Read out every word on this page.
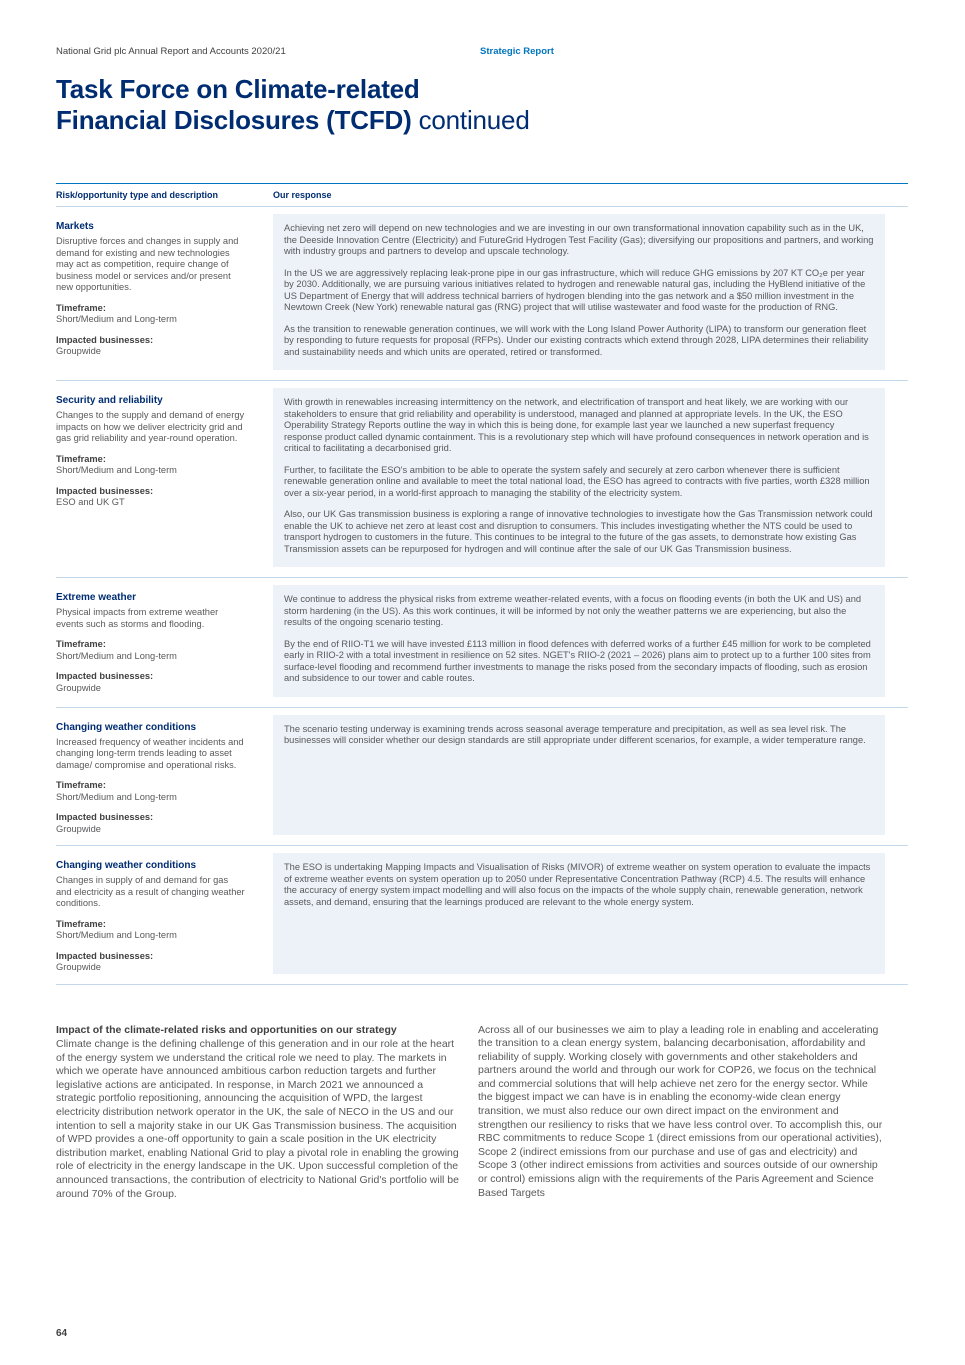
National Grid plc Annual Report and Accounts 2020/21	Strategic Report
Task Force on Climate-related
Financial Disclosures (TCFD) continued
Risk/opportunity type and description	Our response
Markets

Disruptive forces and changes in supply and demand for existing and new technologies may act as competition, require change of business model or services and/or present new opportunities.

Timeframe:

Short/Medium and Long-term

Impacted businesses:

Groupwide

Achieving net zero will depend on new technologies and we are investing in our own transformational innovation capability such as in the UK, the Deeside Innovation Centre (Electricity) and FutureGrid Hydrogen Test Facility (Gas); diversifying our propositions and partners, and working with industry groups and partners to develop and upscale technology.

In the US we are aggressively replacing leak-prone pipe in our gas infrastructure, which will reduce GHG emissions by 207 KT CO₂e per year by 2030. Additionally, we are pursuing various initiatives related to hydrogen and renewable natural gas, including the HyBlend initiative of the US Department of Energy that will address technical barriers of hydrogen blending into the gas network and a $50 million investment in the Newtown Creek (New York) renewable natural gas (RNG) project that will utilise wastewater and food waste for the production of RNG.

As the transition to renewable generation continues, we will work with the Long Island Power Authority (LIPA) to transform our generation fleet by responding to future requests for proposal (RFPs). Under our existing contracts which extend through 2028, LIPA determines their reliability and sustainability needs and which units are operated, retired or transformed.

Security and reliability

Changes to the supply and demand of energy impacts on how we deliver electricity grid and gas grid reliability and year-round operation.

Timeframe:

Short/Medium and Long-term

Impacted businesses:

ESO and UK GT

With growth in renewables increasing intermittency on the network, and electrification of transport and heat likely, we are working with our stakeholders to ensure that grid reliability and operability is understood, managed and planned at appropriate levels. In the UK, the ESO Operability Strategy Reports outline the way in which this is being done, for example last year we launched a new superfast frequency response product called dynamic containment. This is a revolutionary step which will have profound consequences in network operation and is critical to facilitating a decarbonised grid.

Further, to facilitate the ESO's ambition to be able to operate the system safely and securely at zero carbon whenever there is sufficient renewable generation online and available to meet the total national load, the ESO has agreed to contracts with five parties, worth £328 million over a six-year period, in a world-first approach to managing the stability of the electricity system.

Also, our UK Gas transmission business is exploring a range of innovative technologies to investigate how the Gas Transmission network could enable the UK to achieve net zero at least cost and disruption to consumers. This includes investigating whether the NTS could be used to transport hydrogen to customers in the future. This continues to be integral to the future of the gas assets, to demonstrate how existing Gas Transmission assets can be repurposed for hydrogen and will continue after the sale of our UK Gas Transmission business.

Extreme weather

Physical impacts from extreme weather events such as storms and flooding.

Timeframe:

Short/Medium and Long-term

Impacted businesses:

Groupwide

We continue to address the physical risks from extreme weather-related events, with a focus on flooding events (in both the UK and US) and storm hardening (in the US). As this work continues, it will be informed by not only the weather patterns we are experiencing, but also the results of the ongoing scenario testing.

By the end of RIIO-T1 we will have invested £113 million in flood defences with deferred works of a further £45 million for work to be completed early in RIIO-2 with a total investment in resilience on 52 sites. NGET's RIIO-2 (2021 – 2026) plans aim to protect up to a further 100 sites from surface-level flooding and recommend further investments to manage the risks posed from the secondary impacts of flooding, such as erosion and subsidence to our tower and cable routes.

Changing weather conditions

Increased frequency of weather incidents and changing long-term trends leading to asset damage/ compromise and operational risks.

Timeframe:

Short/Medium and Long-term

Impacted businesses:

Groupwide

The scenario testing underway is examining trends across seasonal average temperature and precipitation, as well as sea level risk. The businesses will consider whether our design standards are still appropriate under different scenarios, for example, a wider temperature range.

Changing weather conditions

Changes in supply of and demand for gas and electricity as a result of changing weather conditions.

Timeframe:

Short/Medium and Long-term

Impacted businesses:

Groupwide

The ESO is undertaking Mapping Impacts and Visualisation of Risks (MIVOR) of extreme weather on system operation to evaluate the impacts of extreme weather events on system operation up to 2050 under Representative Concentration Pathway (RCP) 4.5. The results will enhance the accuracy of energy system impact modelling and will also focus on the impacts of the whole supply chain, renewable generation, network assets, and demand, ensuring that the learnings produced are relevant to the whole energy system.

Impact of the climate-related risks and opportunities on our strategy

Climate change is the defining challenge of this generation and in our role at the heart of the energy system we understand the critical role we need to play. The markets in which we operate have announced ambitious carbon reduction targets and further legislative actions are anticipated. In response, in March 2021 we announced a strategic portfolio repositioning, announcing the acquisition of WPD, the largest electricity distribution network operator in the UK, the sale of NECO in the US and our intention to sell a majority stake in our UK Gas Transmission business. The acquisition of WPD provides a one-off opportunity to gain a scale position in the UK electricity distribution market, enabling National Grid to play a pivotal role in enabling the growing role of electricity in the energy landscape in the UK. Upon successful completion of the announced transactions, the contribution of electricity to National Grid's portfolio will be around 70% of the Group.

Across all of our businesses we aim to play a leading role in enabling and accelerating the transition to a clean energy system, balancing decarbonisation, affordability and reliability of supply. Working closely with governments and other stakeholders and partners around the world and through our work for COP26, we focus on the technical and commercial solutions that will help achieve net zero for the energy sector. While the biggest impact we can have is in enabling the economy-wide clean energy transition, we must also reduce our own direct impact on the environment and strengthen our resiliency to risks that we have less control over. To accomplish this, our RBC commitments to reduce Scope 1 (direct emissions from our operational activities), Scope 2 (indirect emissions from our purchase and use of gas and electricity) and Scope 3 (other indirect emissions from activities and sources outside of our ownership or control) emissions align with the requirements of the Paris Agreement and Science Based Targets

64
